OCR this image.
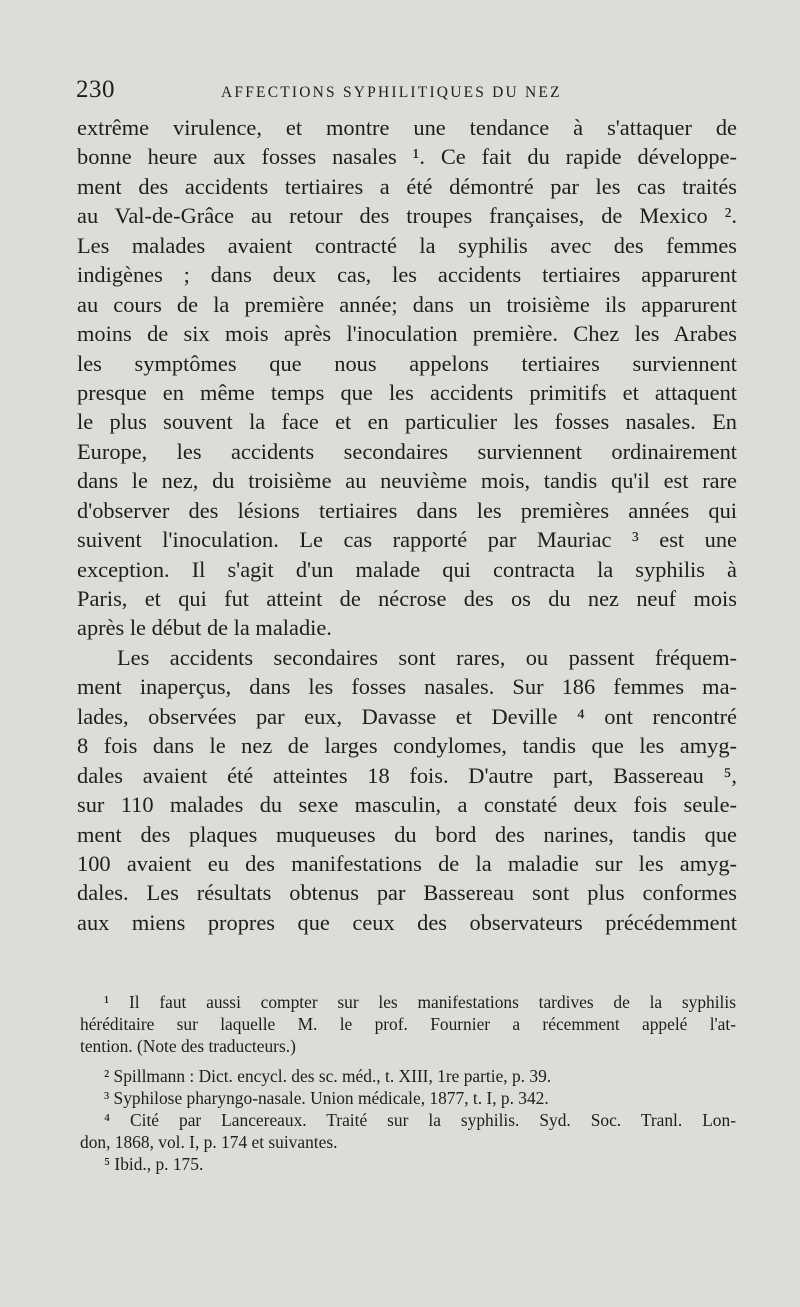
230	AFFECTIONS SYPHILITIQUES DU NEZ
extrême virulence, et montre une tendance à s'attaquer de
bonne heure aux fosses nasales ¹. Ce fait du rapide développe-
ment des accidents tertiaires a été démontré par les cas traités
au Val-de-Grâce au retour des troupes françaises, de Mexico ².
Les malades avaient contracté la syphilis avec des femmes
indigènes ; dans deux cas, les accidents tertiaires apparurent
au cours de la première année; dans un troisième ils apparurent
moins de six mois après l'inoculation première. Chez les Arabes
les symptômes que nous appelons tertiaires surviennent
presque en même temps que les accidents primitifs et attaquent
le plus souvent la face et en particulier les fosses nasales. En
Europe, les accidents secondaires surviennent ordinairement
dans le nez, du troisième au neuvième mois, tandis qu'il est rare
d'observer des lésions tertiaires dans les premières années qui
suivent l'inoculation. Le cas rapporté par Mauriac ³ est une
exception. Il s'agit d'un malade qui contracta la syphilis à
Paris, et qui fut atteint de nécrose des os du nez neuf mois
après le début de la maladie.
Les accidents secondaires sont rares, ou passent fréquem-
ment inaperçus, dans les fosses nasales. Sur 186 femmes ma-
lades, observées par eux, Davasse et Deville ⁴ ont rencontré
8 fois dans le nez de larges condylomes, tandis que les amyg-
dales avaient été atteintes 18 fois. D'autre part, Bassereau ⁵,
sur 110 malades du sexe masculin, a constaté deux fois seule-
ment des plaques muqueuses du bord des narines, tandis que
100 avaient eu des manifestations de la maladie sur les amyg-
dales. Les résultats obtenus par Bassereau sont plus conformes
aux miens propres que ceux des observateurs précédemment
¹ Il faut aussi compter sur les manifestations tardives de la syphilis
héréditaire sur laquelle M. le prof. Fournier a récemment appelé l'at-
tention. (Note des traducteurs.)
² Spillmann : Dict. encycl. des sc. méd., t. XIII, 1re partie, p. 39.
³ Syphilose pharyngo-nasale. Union médicale, 1877, t. I, p. 342.
⁴ Cité par Lancereaux. Traité sur la syphilis. Syd. Soc. Tranl. Lon-
don, 1868, vol. I, p. 174 et suivantes.
⁵ Ibid., p. 175.
